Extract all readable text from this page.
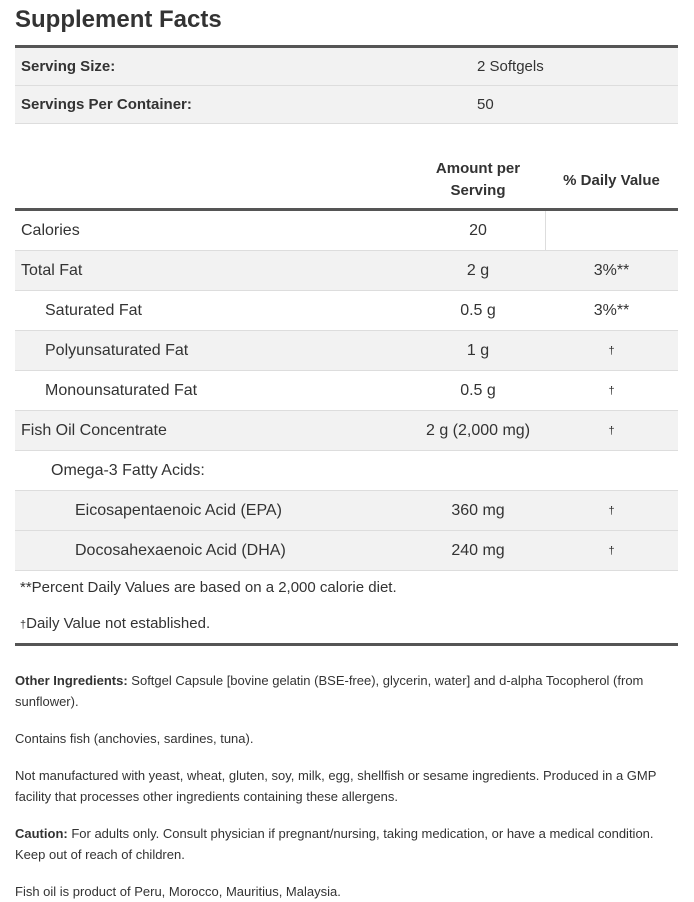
Supplement Facts
Serving Size:	2 Softgels
Servings Per Container:	50
Amount per
Serving
% Daily Value
Calories	20
Total Fat	2 g	3%**
Saturated Fat	0.5 g	3%**
Polyunsaturated Fat	1 g	†
Monounsaturated Fat	0.5 g	†
Fish Oil Concentrate	2 g (2,000 mg)	†
Omega-3 Fatty Acids:
Eicosapentaenoic Acid (EPA)	360 mg	†
Docosahexaenoic Acid (DHA)	240 mg	†
**Percent Daily Values are based on a 2,000 calorie diet.
†Daily Value not established.
Other Ingredients: Softgel Capsule [bovine gelatin (BSE-free), glycerin, water] and d-alpha Tocopherol (from sunflower).
Contains fish (anchovies, sardines, tuna).
Not manufactured with yeast, wheat, gluten, soy, milk, egg, shellfish or sesame ingredients. Produced in a GMP facility that processes other ingredients containing these allergens.
Caution: For adults only. Consult physician if pregnant/nursing, taking medication, or have a medical condition. Keep out of reach of children.
Fish oil is product of Peru, Morocco, Mauritius, Malaysia.
